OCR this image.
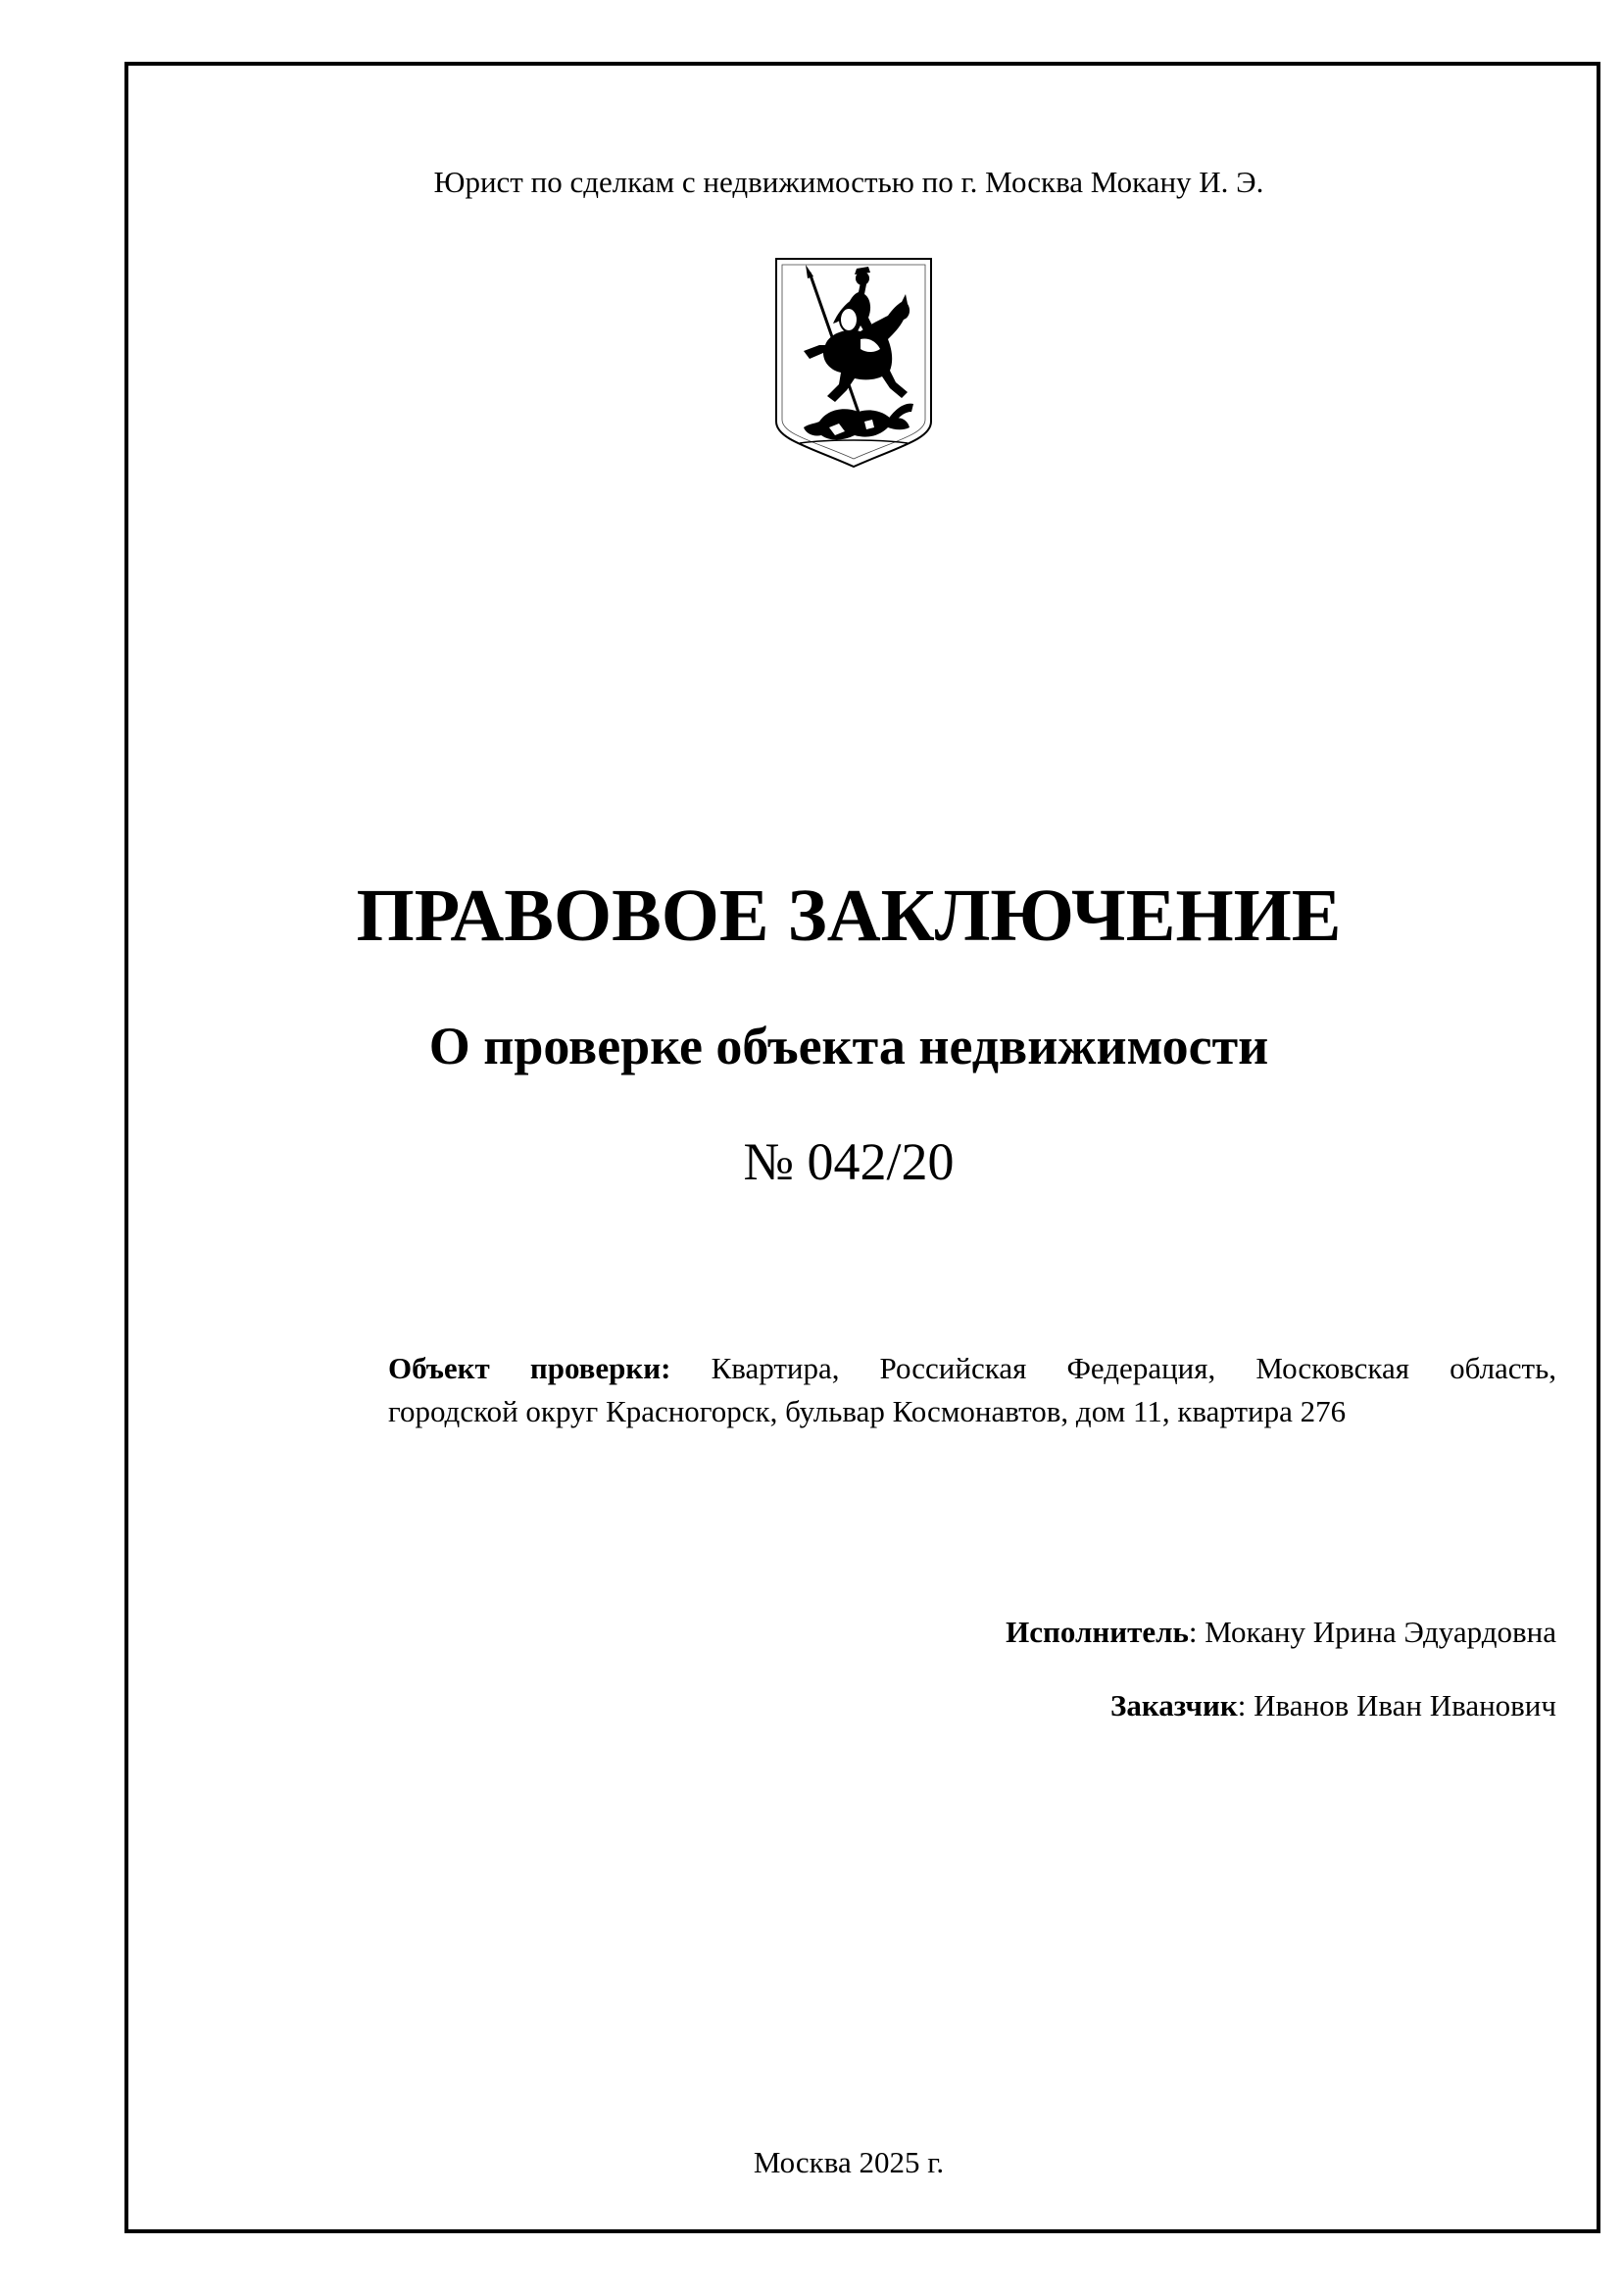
Юрист по сделкам с недвижимостью по г. Москва Мокану И. Э.
ПРАВОВОЕ ЗАКЛЮЧЕНИЕ
О проверке объекта недвижимости
№ 042/20
Объект проверки: Квартира, Российская Федерация, Московская область,
городской округ Красногорск, бульвар Космонавтов, дом 11, квартира 276
Исполнитель: Мокану Ирина Эдуардовна
Заказчик: Иванов Иван Иванович
Москва 2025 г.
